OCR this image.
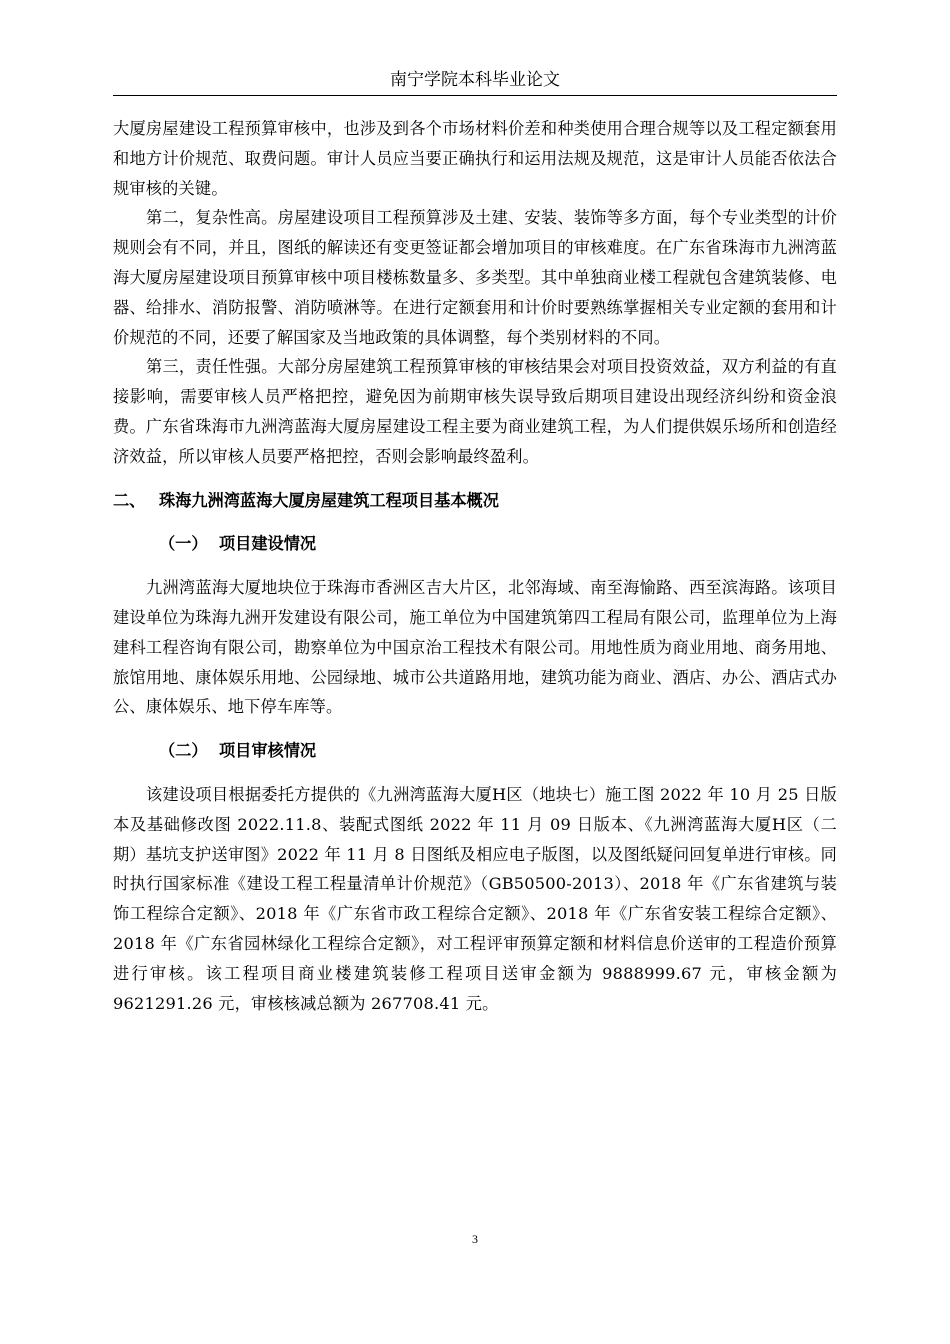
南宁学院本科毕业论文

大厦房屋建设工程预算审核中，也涉及到各个市场材料价差和种类使用合理合规等以及工程定额套用和地方计价规范、取费问题。审计人员应当要正确执行和运用法规及规范，这是审计人员能否依法合规审核的关键。

第二，复杂性高。房屋建设项目工程预算涉及土建、安装、装饰等多方面，每个专业类型的计价规则会有不同，并且，图纸的解读还有变更签证都会增加项目的审核难度。在广东省珠海市九洲湾蓝海大厦房屋建设项目预算审核中项目楼栋数量多、多类型。其中单独商业楼工程就包含建筑装修、电器、给排水、消防报警、消防喷淋等。在进行定额套用和计价时要熟练掌握相关专业定额的套用和计价规范的不同，还要了解国家及当地政策的具体调整，每个类别材料的不同。

第三，责任性强。大部分房屋建筑工程预算审核的审核结果会对项目投资效益，双方利益的有直接影响，需要审核人员严格把控，避免因为前期审核失误导致后期项目建设出现经济纠纷和资金浪费。广东省珠海市九洲湾蓝海大厦房屋建设工程主要为商业建筑工程，为人们提供娱乐场所和创造经济效益，所以审核人员要严格把控，否则会影响最终盈利。

二、 珠海九洲湾蓝海大厦房屋建筑工程项目基本概况
（一） 项目建设情况

九洲湾蓝海大厦地块位于珠海市香洲区吉大片区，北邻海域、南至海愉路、西至滨海路。该项目建设单位为珠海九洲开发建设有限公司，施工单位为中国建筑第四工程局有限公司，监理单位为上海建科工程咨询有限公司，勘察单位为中国京治工程技术有限公司。用地性质为商业用地、商务用地、旅馆用地、康体娱乐用地、公园绿地、城市公共道路用地，建筑功能为商业、酒店、办公、酒店式办公、康体娱乐、地下停车库等。

（二） 项目审核情况

该建设项目根据委托方提供的《九洲湾蓝海大厦H区（地块七）施工图 2022 年 10 月 25 日版本及基础修改图 2022.11.8、装配式图纸 2022 年 11 月 09 日版本、《九洲湾蓝海大厦H区（二期）基坑支护送审图》2022 年 11 月 8 日图纸及相应电子版图，以及图纸疑问回复单进行审核。同时执行国家标准《建设工程工程量清单计价规范》（GB50500-2013）、2018 年《广东省建筑与装饰工程综合定额》、2018 年《广东省市政工程综合定额》、2018 年《广东省安装工程综合定额》、2018 年《广东省园林绿化工程综合定额》，对工程评审预算定额和材料信息价送审的工程造价预算进行审核。该工程项目商业楼建筑装修工程项目送审金额为 9888999.67 元，审核金额为 9621291.26 元，审核核减总额为 267708.41 元。

3
